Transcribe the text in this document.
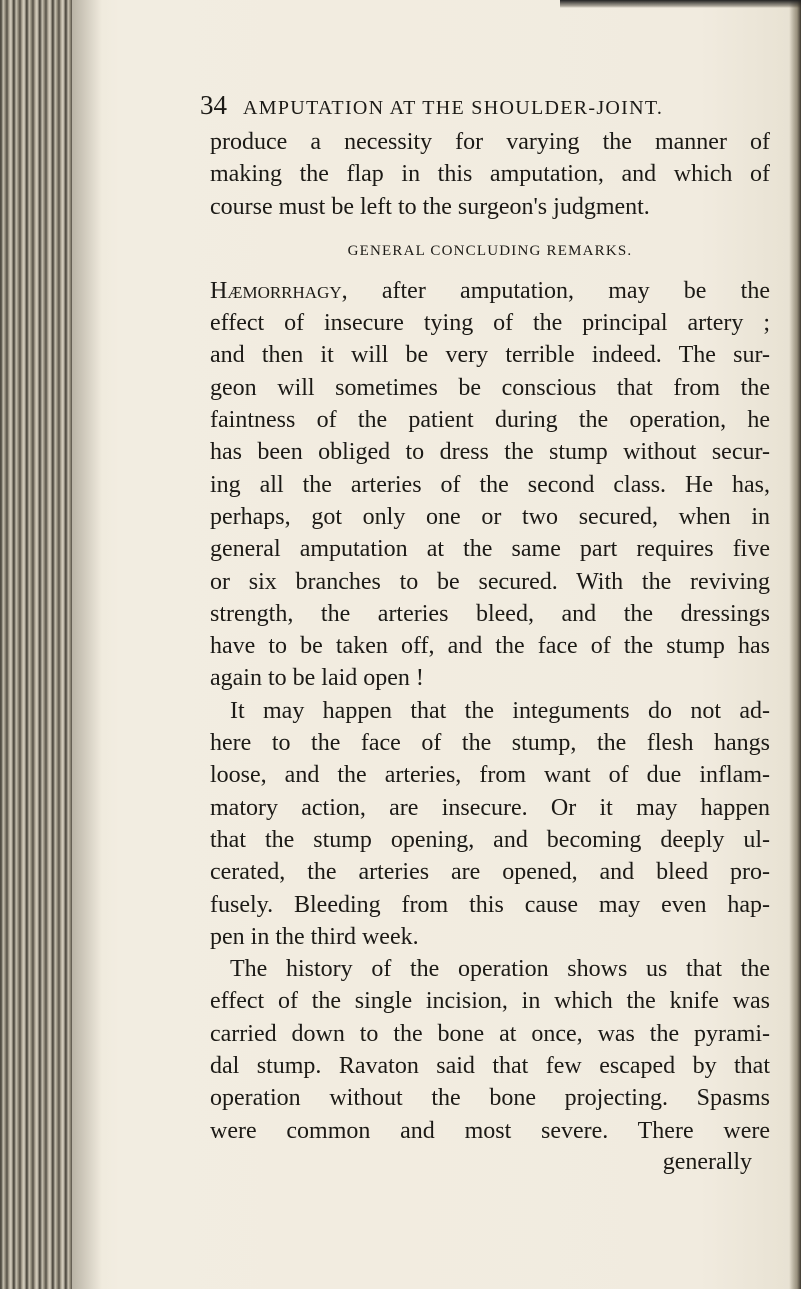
34 AMPUTATION AT THE SHOULDER-JOINT.
produce a necessity for varying the manner of
making the flap in this amputation, and which of
course must be left to the surgeon's judgment.
GENERAL CONCLUDING REMARKS.
Hæmorrhagy, after amputation, may be the
effect of insecure tying of the principal artery ;
and then it will be very terrible indeed. The sur-
geon will sometimes be conscious that from the
faintness of the patient during the operation, he
has been obliged to dress the stump without secur-
ing all the arteries of the second class. He has,
perhaps, got only one or two secured, when in
general amputation at the same part requires five
or six branches to be secured. With the reviving
strength, the arteries bleed, and the dressings
have to be taken off, and the face of the stump has
again to be laid open !
It may happen that the integuments do not ad-
here to the face of the stump, the flesh hangs
loose, and the arteries, from want of due inflam-
matory action, are insecure. Or it may happen
that the stump opening, and becoming deeply ul-
cerated, the arteries are opened, and bleed pro-
fusely. Bleeding from this cause may even hap-
pen in the third week.
The history of the operation shows us that the
effect of the single incision, in which the knife was
carried down to the bone at once, was the pyrami-
dal stump. Ravaton said that few escaped by that
operation without the bone projecting. Spasms
were common and most severe. There were
generally
